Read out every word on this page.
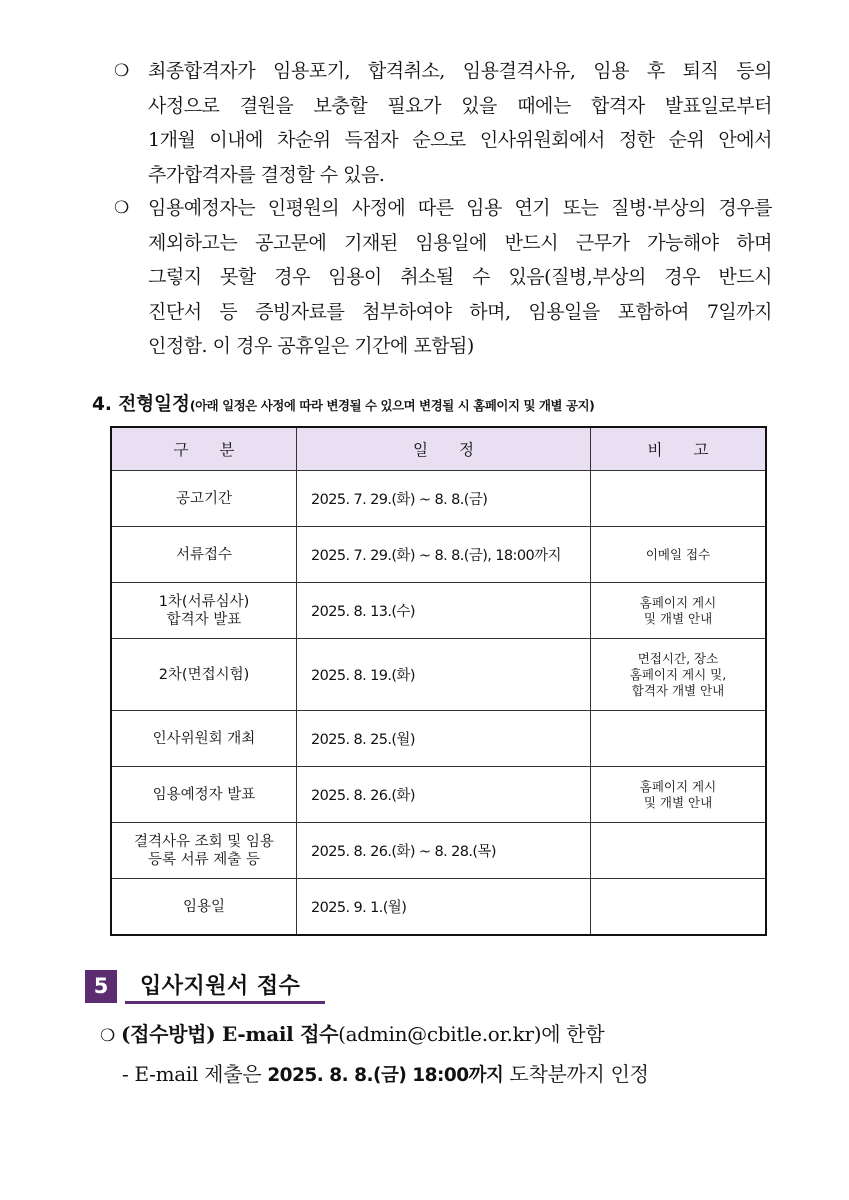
❍ 최종합격자가 임용포기, 합격취소, 임용결격사유, 임용 후 퇴직 등의
사정으로 결원을 보충할 필요가 있을 때에는 합격자 발표일로부터
1개월 이내에 차순위 득점자 순으로 인사위원회에서 정한 순위 안에서
추가합격자를 결정할 수 있음.
❍ 임용예정자는 인평원의 사정에 따른 임용 연기 또는 질병·부상의 경우를
제외하고는 공고문에 기재된 임용일에 반드시 근무가 가능해야 하며
그렇지 못할 경우 임용이 취소될 수 있음(질병,부상의 경우 반드시
진단서 등 증빙자료를 첨부하여야 하며, 임용일을 포함하여 7일까지
인정함. 이 경우 공휴일은 기간에 포함됨)
4. 전형일정(아래 일정은 사정에 따라 변경될 수 있으며 변경될 시 홈페이지 및 개별 공지)
구　　분	일　　정	비　　고
공고기간	2025. 7. 29.(화) ~ 8. 8.(금)	
서류접수	2025. 7. 29.(화) ~ 8. 8.(금), 18:00까지	이메일 접수
1차(서류심사)
합격자 발표	2025. 8. 13.(수)	홈페이지 게시
및 개별 안내
2차(면접시험)	2025. 8. 19.(화)	면접시간, 장소
홈페이지 게시 및,
합격자 개별 안내
인사위원회 개최	2025. 8. 25.(월)	
임용예정자 발표	2025. 8. 26.(화)	홈페이지 게시
및 개별 안내
결격사유 조회 및 임용
등록 서류 제출 등	2025. 8. 26.(화) ~ 8. 28.(목)	
임용일	2025. 9. 1.(월)	
5	입사지원서 접수
❍ (접수방법) E-mail 접수(admin@cbitle.or.kr)에 한함
- E-mail 제출은 2025. 8. 8.(금) 18:00까지 도착분까지 인정
